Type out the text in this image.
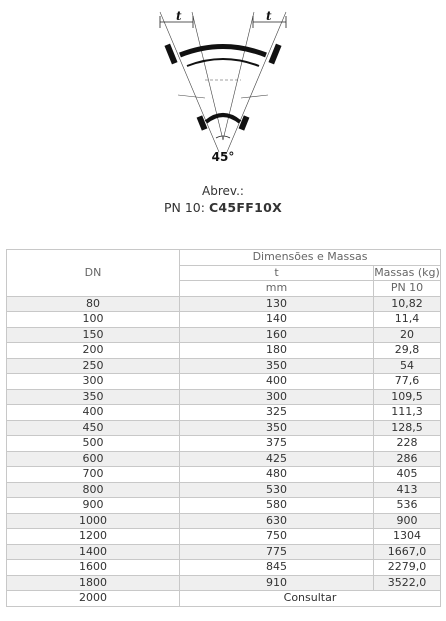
t	t
45°
Abrev.:
PN 10: C45FF10X
DN	Dimensões e Massas	
	t	Massas (kg)
	mm	PN 10
80	130	10,82
100	140	11,4
150	160	20
200	180	29,8
250	350	54
300	400	77,6
350	300	109,5
400	325	111,3
450	350	128,5
500	375	228
600	425	286
700	480	405
800	530	413
900	580	536
1000	630	900
1200	750	1304
1400	775	1667,0
1600	845	2279,0
1800	910	3522,0
2000	Consultar	
